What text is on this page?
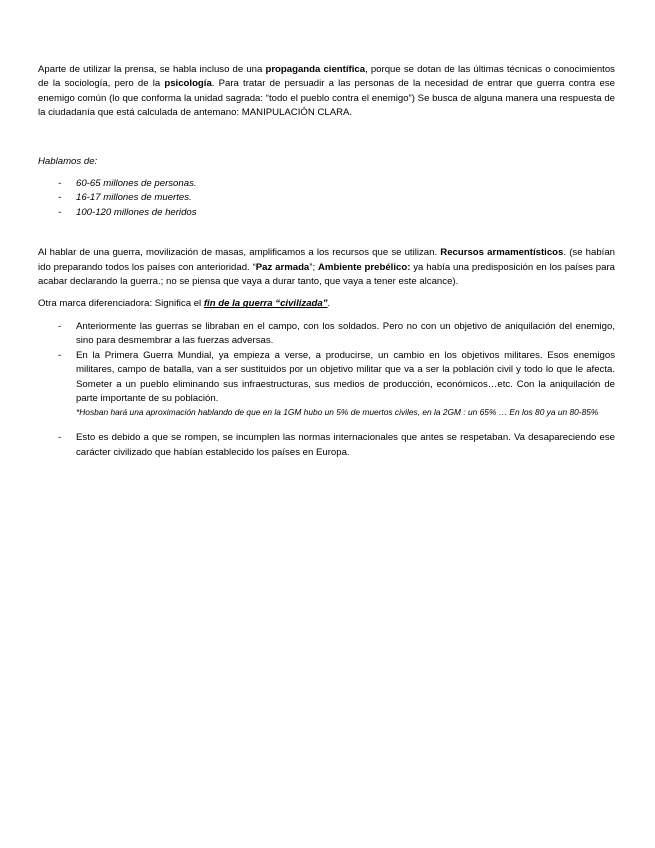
Aparte de utilizar la prensa, se habla incluso de una propaganda científica, porque se dotan de las últimas técnicas o conocimientos de la sociología, pero de la psicología. Para tratar de persuadir a las personas de la necesidad de entrar que guerra contra ese enemigo común (lo que conforma la unidad sagrada: “todo el pueblo contra el enemigo”) Se busca de alguna manera una respuesta de la ciudadanía que está calculada de antemano: MANIPULACIÓN CLARA.

Hablamos de:

- 60-65 millones de personas.
- 16-17 millones de muertes.
- 100-120 millones de heridos

Al hablar de una guerra, movilización de masas, amplificamos a los recursos que se utilizan. Recursos armamentísticos. (se habían ido preparando todos los países con anterioridad. “Paz armada”; Ambiente prebélico: ya había una predisposición en los países para acabar declarando la guerra.; no se piensa que vaya a durar tanto, que vaya a tener este alcance).

Otra marca diferenciadora: Significa el fin de la guerra “civilizada”.

- Anteriormente las guerras se libraban en el campo, con los soldados. Pero no con un objetivo de aniquilación del enemigo, sino para desmembrar a las fuerzas adversas.
- En la Primera Guerra Mundial, ya empieza a verse, a producirse, un cambio en los objetivos militares. Esos enemigos militares, campo de batalla, van a ser sustituidos por un objetivo militar que va a ser la población civil y todo lo que le afecta. Someter a un pueblo eliminando sus infraestructuras, sus medios de producción, económicos…etc. Con la aniquilación de parte importante de su población.
*Hosban hará una aproximación hablando de que en la 1GM hubo un 5% de muertos civiles, en la 2GM : un 65% … En los 80 ya un 80-85%
- Esto es debido a que se rompen, se incumplen las normas internacionales que antes se respetaban. Va desapareciendo ese carácter civilizado que habían establecido los países en Europa.
